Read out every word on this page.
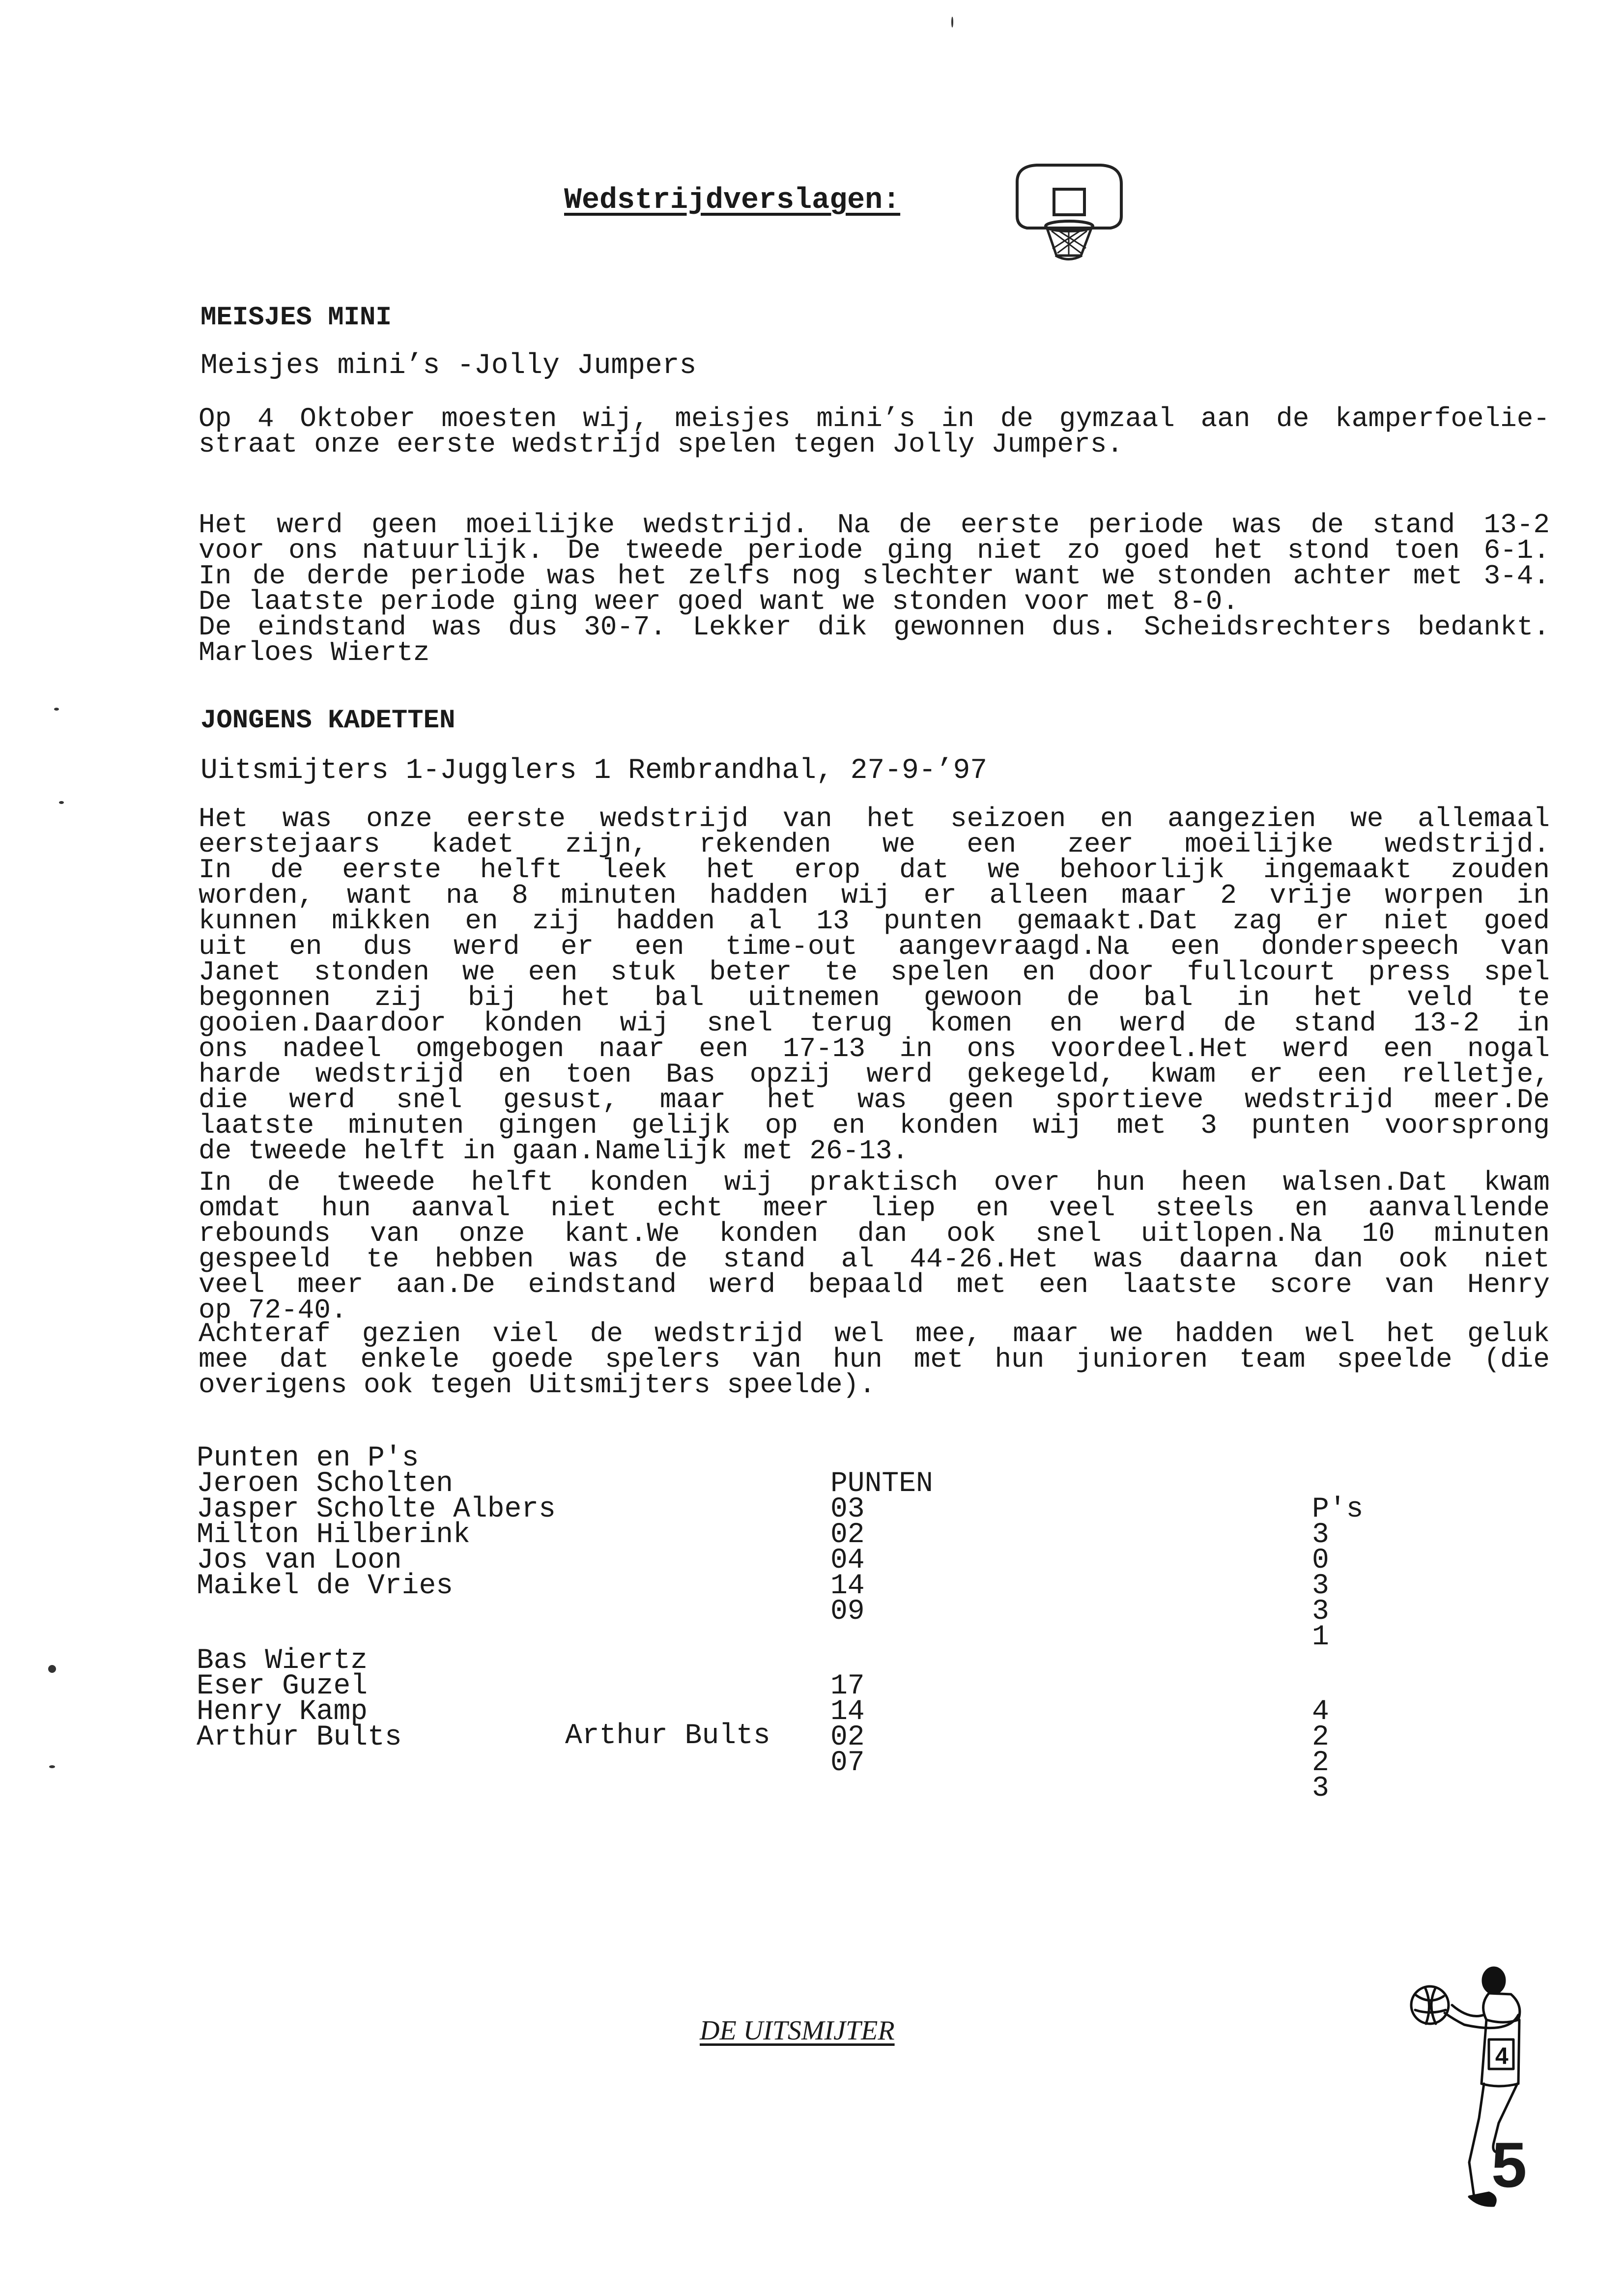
Wedstrijdverslagen:
MEISJES MINI
Meisjes mini’s -Jolly Jumpers
Op 4 Oktober moesten wij, meisjes mini’s in de gymzaal aan de kamperfoelie-
straat onze eerste wedstrijd spelen tegen Jolly Jumpers.
Het werd geen moeilijke wedstrijd. Na de eerste periode was de stand 13-2
voor ons natuurlijk. De tweede periode ging niet zo goed het stond toen 6-1.
In de derde periode was het zelfs nog slechter want we stonden achter met 3-4.
De laatste periode ging weer goed want we stonden voor met 8-0.
De eindstand was dus 30-7. Lekker dik gewonnen dus. Scheidsrechters bedankt.
Marloes Wiertz
JONGENS KADETTEN
Uitsmijters 1-Jugglers 1 Rembrandhal, 27-9-’97
Het was onze eerste wedstrijd van het seizoen en aangezien we allemaal
eerstejaars kadet zijn, rekenden we een zeer moeilijke wedstrijd.
In de eerste helft leek het erop dat we behoorlijk ingemaakt zouden
worden, want na 8 minuten hadden wij er alleen maar 2 vrije worpen in
kunnen mikken en zij hadden al 13 punten gemaakt.Dat zag er niet goed
uit en dus werd er een time-out aangevraagd.Na een donderspeech van
Janet stonden we een stuk beter te spelen en door fullcourt press spel
begonnen zij bij het bal uitnemen gewoon de bal in het veld te
gooien.Daardoor konden wij snel terug komen en werd de stand 13-2 in
ons nadeel omgebogen naar een 17-13 in ons voordeel.Het werd een nogal
harde wedstrijd en toen Bas opzij werd gekegeld, kwam er een relletje,
die werd snel gesust, maar het was geen sportieve wedstrijd meer.De
laatste minuten gingen gelijk op en konden wij met 3 punten voorsprong
de tweede helft in gaan.Namelijk met 26-13.
In de tweede helft konden wij praktisch over hun heen walsen.Dat kwam
omdat hun aanval niet echt meer liep en veel steels en aanvallende
rebounds van onze kant.We konden dan ook snel uitlopen.Na 10 minuten
gespeeld te hebben was de stand al 44-26.Het was daarna dan ook niet
veel meer aan.De eindstand werd bepaald met een laatste score van Henry
op 72-40.
Achteraf gezien viel de wedstrijd wel mee, maar we hadden wel het geluk
mee dat enkele goede spelers van hun met hun junioren team speelde (die
overigens ook tegen Uitsmijters speelde).

Punten en P's

PUNTEN

P's

Jeroen Scholten

03

3

Jasper Scholte Albers

02

0

Milton Hilberink

04

3

Jos van Loon

14

3

Maikel de Vries

09

1

Bas Wiertz

17

4

Eser Guzel

14

2

Henry Kamp

02

2

Arthur Bults

07

3

Arthur Bults
DE UITSMIJTER
4
5
